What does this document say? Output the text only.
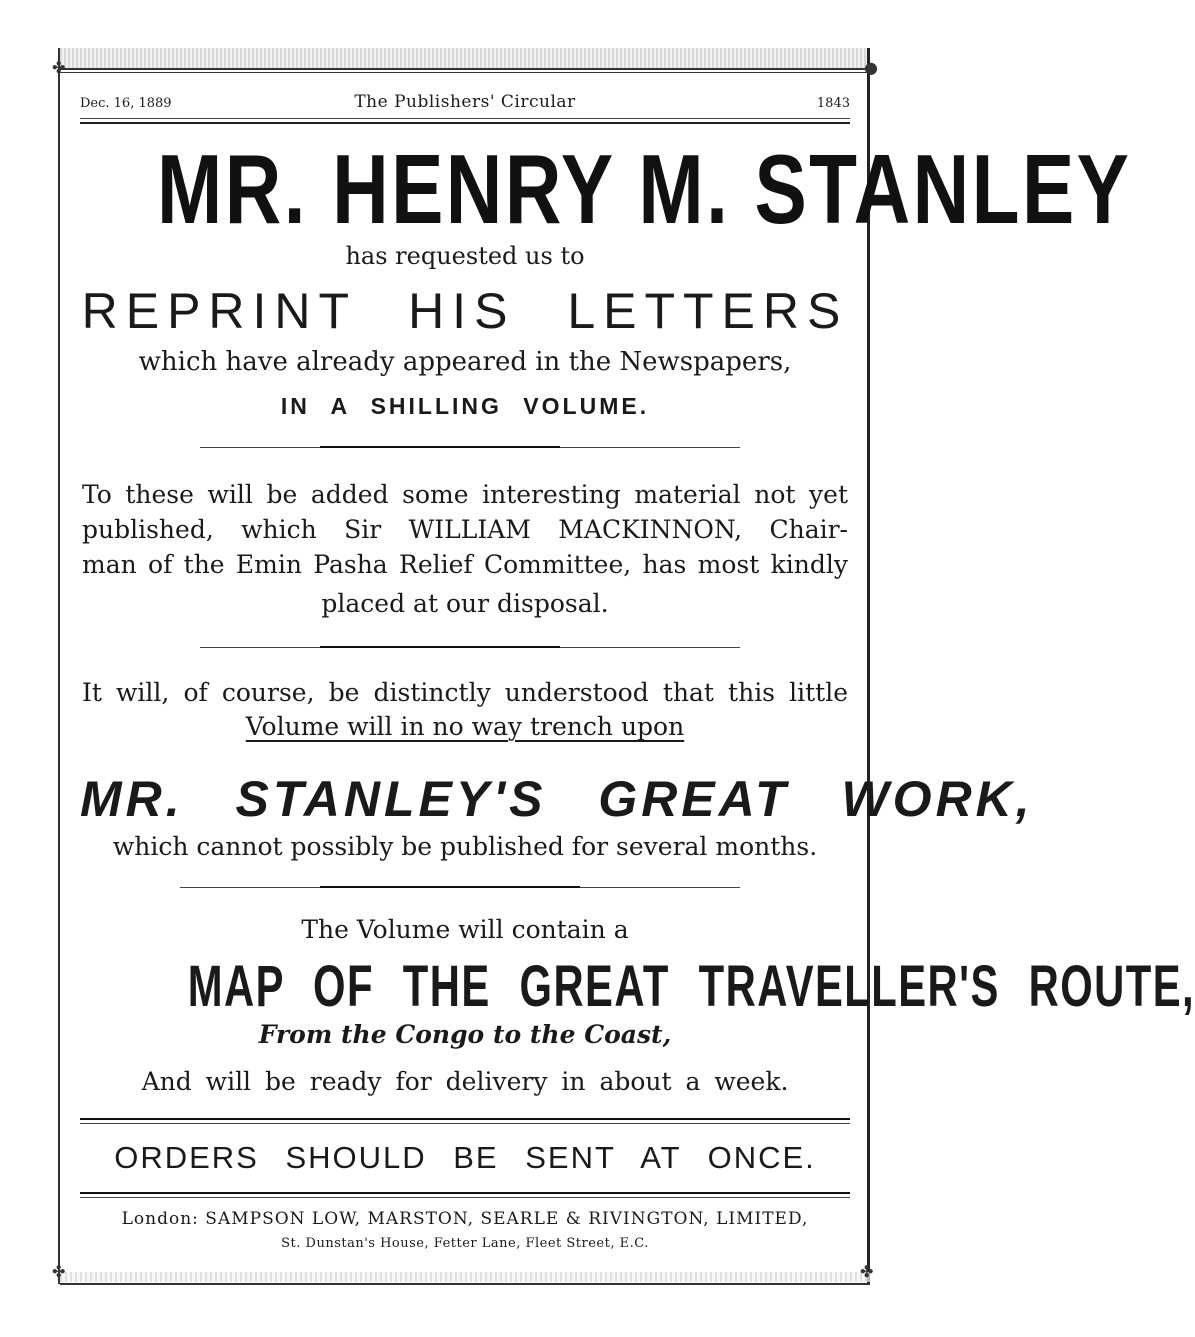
✤	●
Dec. 16, 1889	The Publishers' Circular	1843
MR. HENRY M. STANLEY
has requested us to
REPRINT HIS LETTERS
which have already appeared in the Newspapers,
IN A SHILLING VOLUME.
To these will be added some interesting material not yet
published, which Sir WILLIAM MACKINNON, Chair-
man of the Emin Pasha Relief Committee, has most kindly
placed at our disposal.
It will, of course, be distinctly understood that this little
Volume will in no way trench upon
MR. STANLEY'S GREAT WORK,
which cannot possibly be published for several months.
The Volume will contain a
MAP OF THE GREAT TRAVELLER'S ROUTE,
From the Congo to the Coast,
And will be ready for delivery in about a week.
ORDERS SHOULD BE SENT AT ONCE.
London: SAMPSON LOW, MARSTON, SEARLE & RIVINGTON, LIMITED,
St. Dunstan's House, Fetter Lane, Fleet Street, E.C.
✤	✤
